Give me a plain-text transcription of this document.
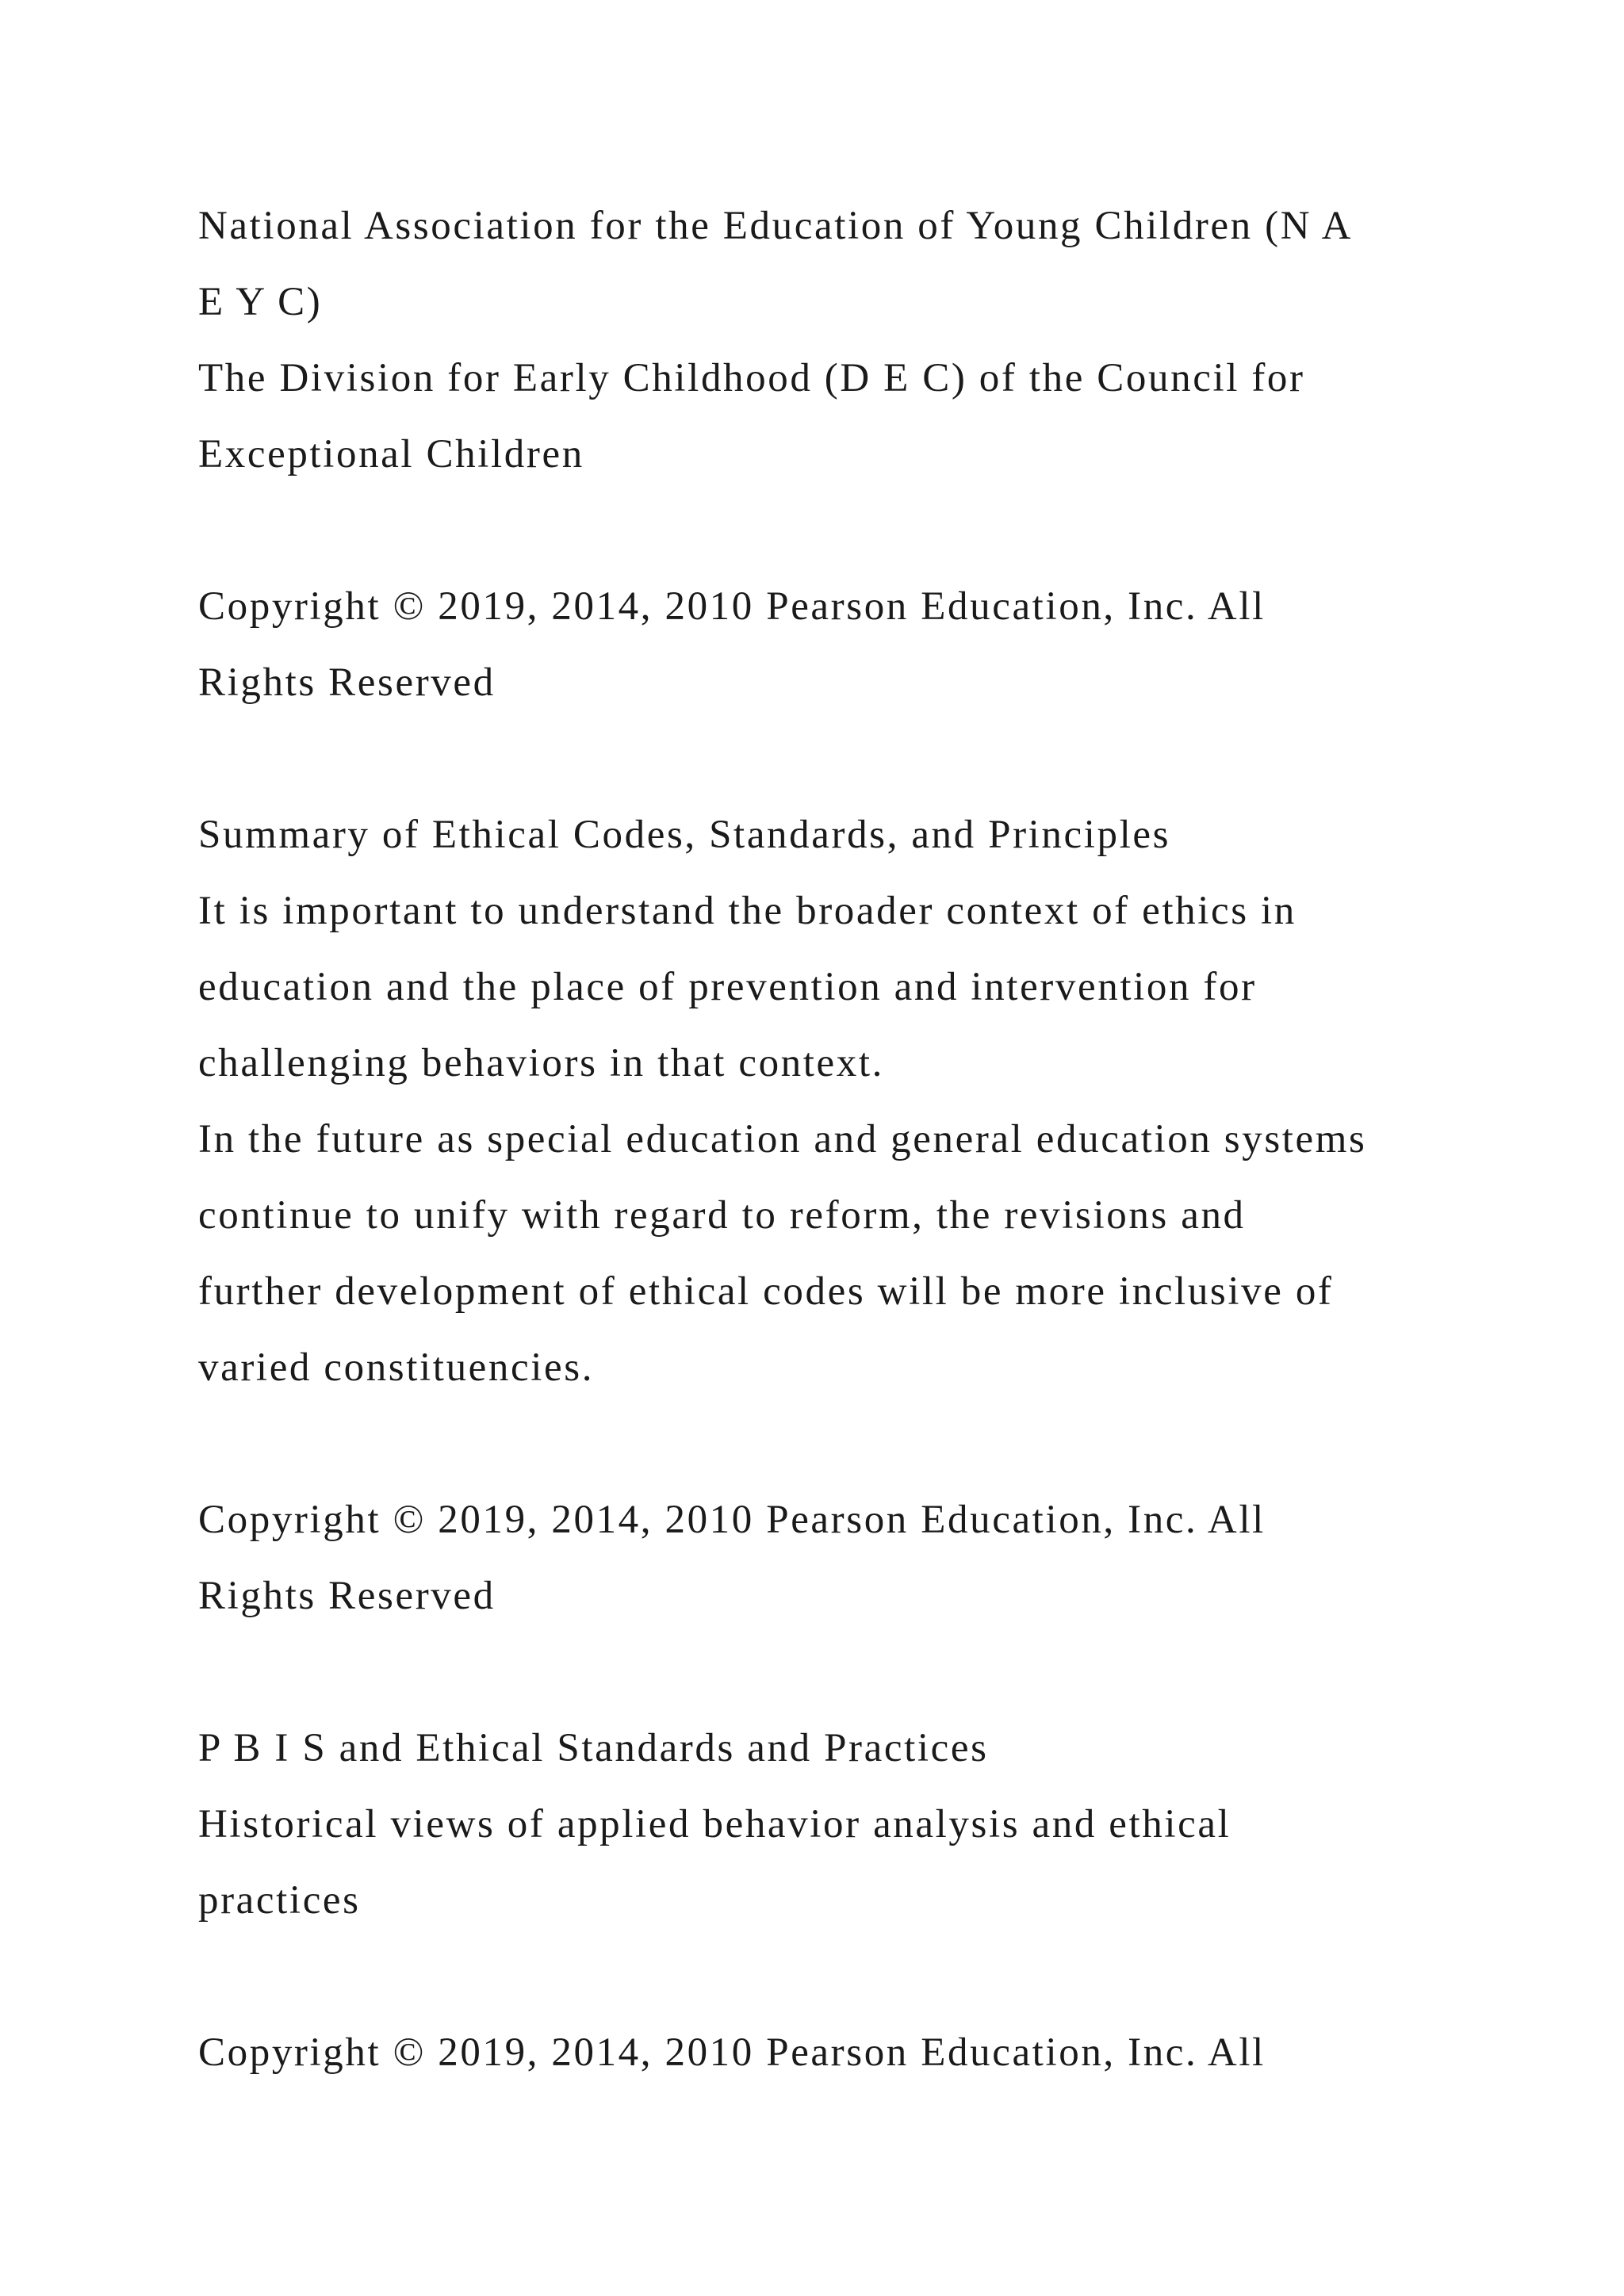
National Association for the Education of Young Children (N A
E Y C)
The Division for Early Childhood (D E C) of the Council for
Exceptional Children
Copyright © 2019, 2014, 2010 Pearson Education, Inc. All
Rights Reserved
Summary of Ethical Codes, Standards, and Principles
It is important to understand the broader context of ethics in
education and the place of prevention and intervention for
challenging behaviors in that context.
In the future as special education and general education systems
continue to unify with regard to reform, the revisions and
further development of ethical codes will be more inclusive of
varied constituencies.
Copyright © 2019, 2014, 2010 Pearson Education, Inc. All
Rights Reserved
P B I S and Ethical Standards and Practices
Historical views of applied behavior analysis and ethical
practices
Copyright © 2019, 2014, 2010 Pearson Education, Inc. All
